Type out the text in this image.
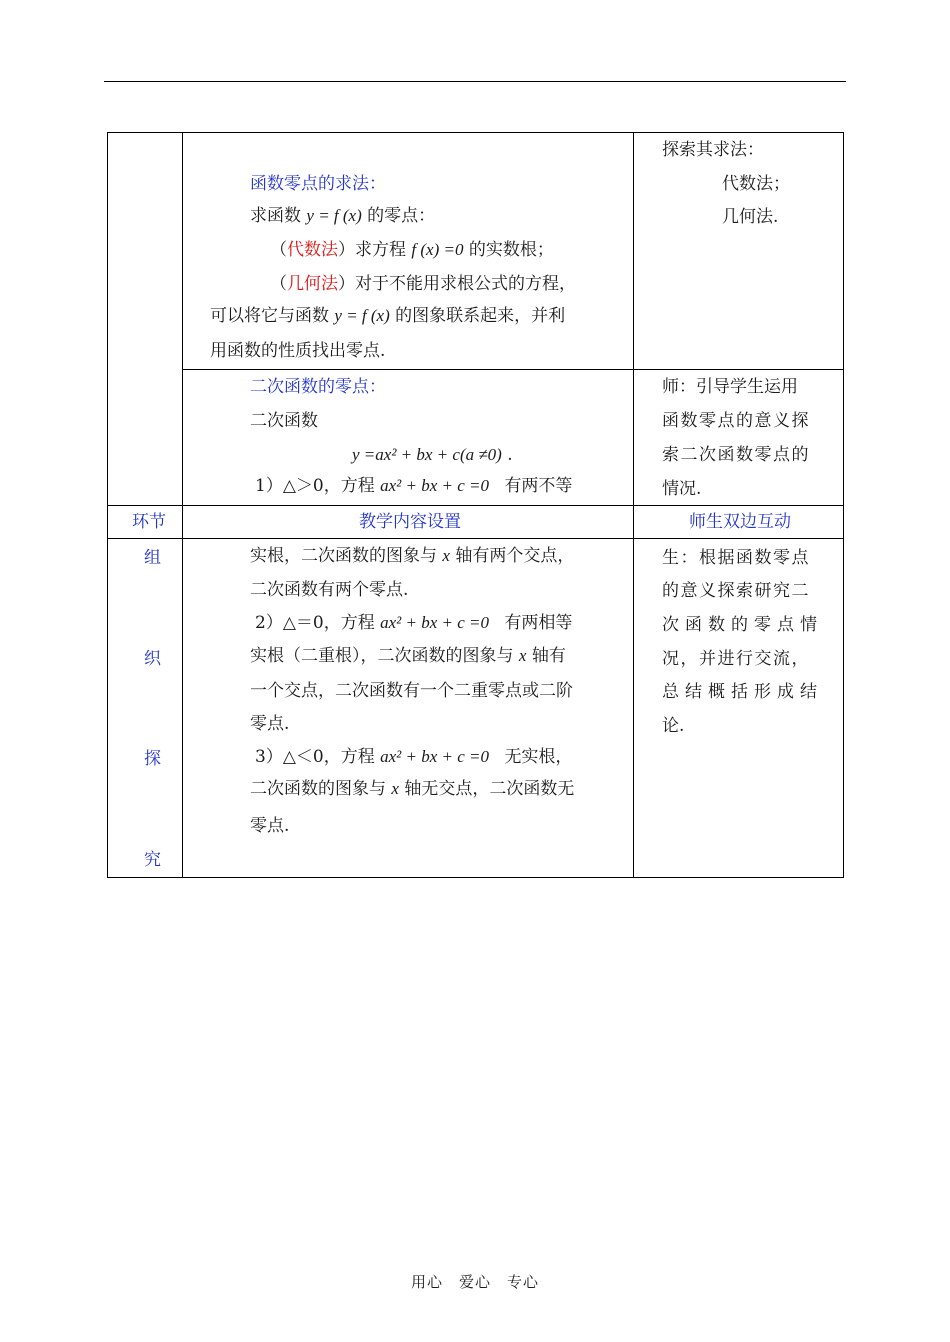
函数零点的求法：
求函数 y = f (x) 的零点：
（代数法）求方程 f (x) =0 的实数根；
（几何法）对于不能用求根公式的方程，
可以将它与函数 y = f (x) 的图象联系起来，并利
用函数的性质找出零点.
探索其求法：
代数法；
几何法.
二次函数的零点：
二次函数
y =ax² + bx + c(a ≠0) .
1）△＞0，方程 ax² + bx + c =0 有两不等
师：引导学生运用
函数零点的意义探
索二次函数零点的
情况.
环节	教学内容设置	师生双边互动
组
织
探
究
实根，二次函数的图象与 x 轴有两个交点，
二次函数有两个零点.
2）△＝0，方程 ax² + bx + c =0 有两相等
实根（二重根），二次函数的图象与 x 轴有
一个交点，二次函数有一个二重零点或二阶
零点.
3）△＜0，方程 ax² + bx + c =0 无实根，
二次函数的图象与 x 轴无交点，二次函数无
零点.
生：根据函数零点
的意义探索研究二
次函数的零点情
况，并进行交流，
总结概括形成结
论.
用心　爱心　专心
